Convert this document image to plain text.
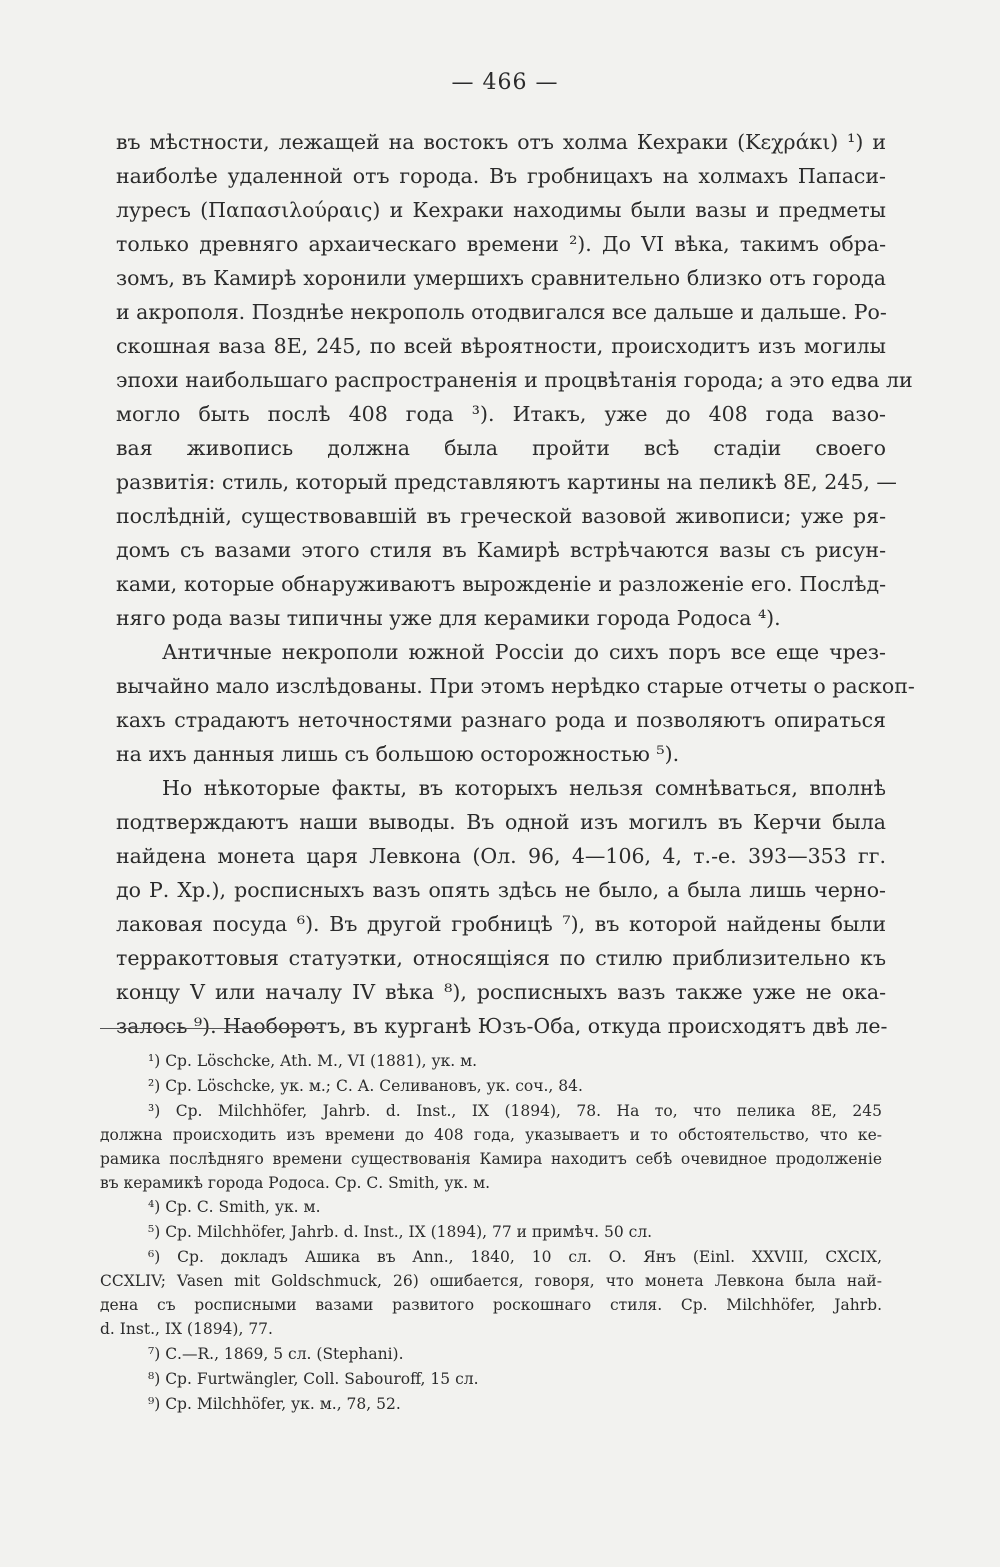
— 466 —
въ мѣстности, лежащей на востокъ отъ холма Кехраки (Κεχράκι) ¹) и
наиболѣе удаленной отъ города. Въ гробницахъ на холмахъ Папаси-
луресъ (Παπασιλούραις) и Кехраки находимы были вазы и предметы
только древняго архаическаго времени ²). До VI вѣка, такимъ обра-
зомъ, въ Камирѣ хоронили умершихъ сравнительно близко отъ города
и акрополя. Позднѣе некрополь отодвигался все дальше и дальше. Ро-
скошная ваза 8Ε, 245, по всей вѣроятности, происходитъ изъ могилы
эпохи наибольшаго распространенія и процвѣтанія города; а это едва ли
могло быть послѣ 408 года ³). Итакъ, уже до 408 года вазо-
вая живопись должна была пройти всѣ стадіи своего
развитія: стиль, который представляютъ картины на пеликѣ 8Ε, 245, —
послѣдній, существовавшій въ греческой вазовой живописи; уже ря-
домъ съ вазами этого стиля въ Камирѣ встрѣчаются вазы съ рисун-
ками, которые обнаруживаютъ вырожденіе и разложеніе его. Послѣд-
няго рода вазы типичны уже для керамики города Родоса ⁴).
Античные некрополи южной Россіи до сихъ поръ все еще чрез-
вычайно мало изслѣдованы. При этомъ нерѣдко старые отчеты о раскоп-
кахъ страдаютъ неточностями разнаго рода и позволяютъ опираться
на ихъ данныя лишь съ большою осторожностью ⁵).
Но нѣкоторые факты, въ которыхъ нельзя сомнѣваться, вполнѣ
подтверждаютъ наши выводы. Въ одной изъ могилъ въ Керчи была
найдена монета царя Левкона (Ол. 96, 4—106, 4, т.-е. 393—353 гг.
до Р. Хр.), росписныхъ вазъ опять здѣсь не было, а была лишь черно-
лаковая посуда ⁶). Въ другой гробницѣ ⁷), въ которой найдены были
терракоттовыя статуэтки, относящіяся по стилю приблизительно къ
концу V или началу IV вѣка ⁸), росписныхъ вазъ также уже не ока-
залось ⁹). Наоборотъ, въ курганѣ Юзъ-Оба, откуда происходятъ двѣ ле-
¹) Ср. Löschcke, Ath. M., VI (1881), ук. м.
²) Ср. Löschcke, ук. м.; С. А. Селивановъ, ук. соч., 84.
³) Ср. Milchhöfer, Jahrb. d. Inst., IX (1894), 78. На то, что пелика 8Ε, 245
должна происходить изъ времени до 408 года, указываетъ и то обстоятельство, что ке-
рамика послѣдняго времени существованія Камира находитъ себѣ очевидное продолженіе
въ керамикѣ города Родоса. Ср. С. Smith, ук. м.
⁴) Ср. С. Smith, ук. м.
⁵) Ср. Milchhöfer, Jahrb. d. Inst., IX (1894), 77 и примѣч. 50 сл.
⁶) Ср. докладъ Ашика въ Ann., 1840, 10 сл. О. Янъ (Einl. XXVIII, CXCIX,
CCXLIV; Vasen mit Goldschmuck, 26) ошибается, говоря, что монета Левкона была най-
дена съ росписными вазами развитого роскошнаго стиля. Ср. Milchhöfer, Jahrb.
d. Inst., IX (1894), 77.
⁷) С.—R., 1869, 5 сл. (Stephani).
⁸) Ср. Furtwängler, Coll. Sabouroff, 15 сл.
⁹) Ср. Milchhöfer, ук. м., 78, 52.
